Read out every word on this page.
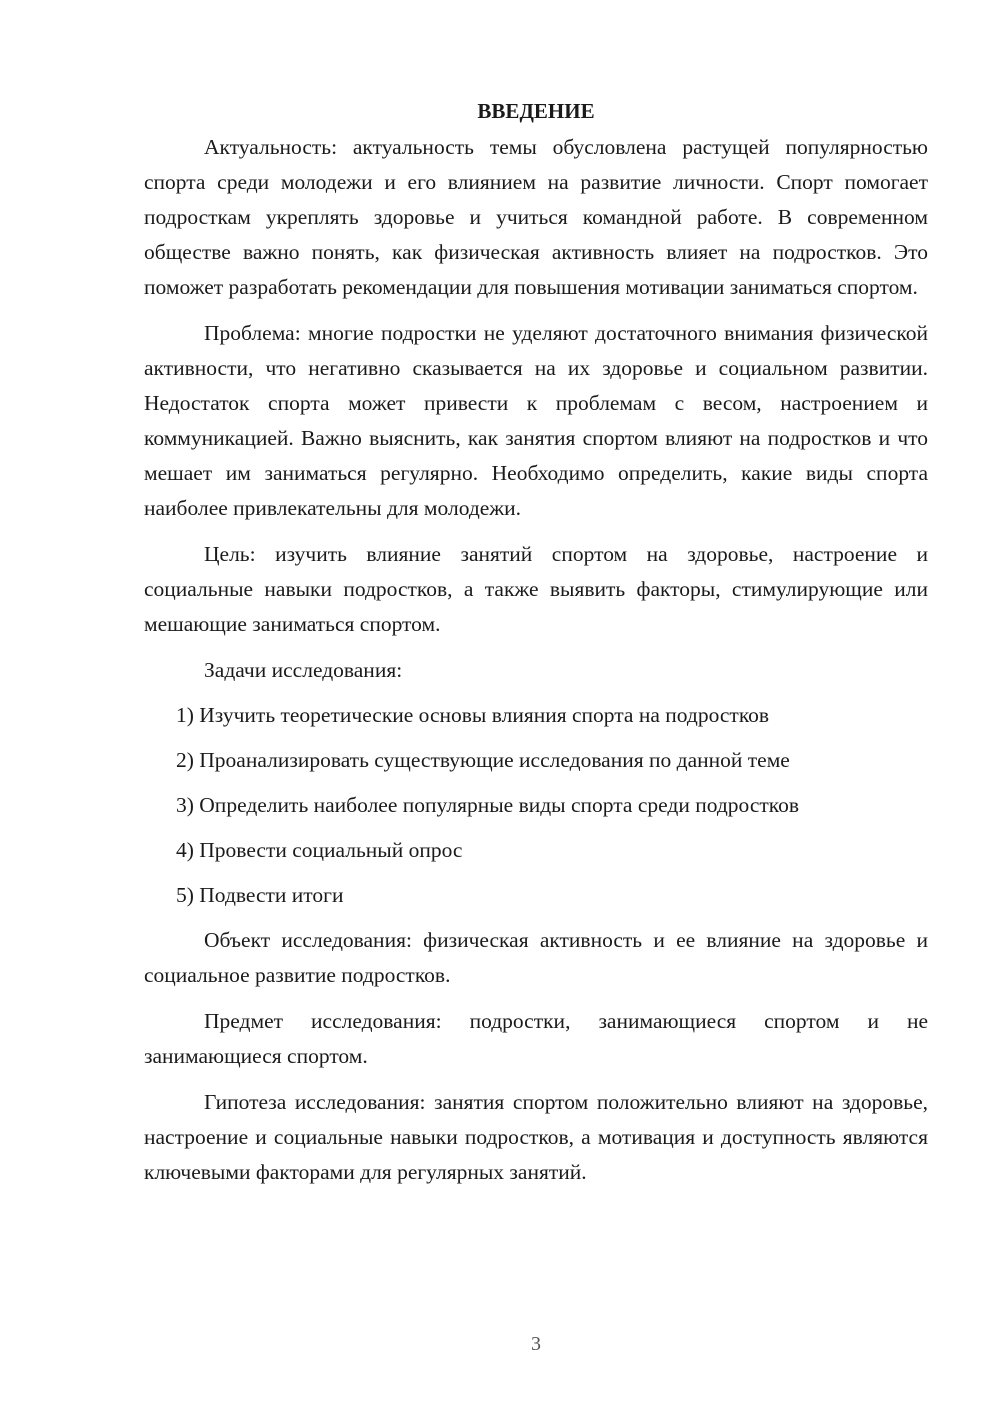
ВВЕДЕНИЕ

Актуальность: актуальность темы обусловлена растущей популярностью спорта среди молодежи и его влиянием на развитие личности. Спорт помогает подросткам укреплять здоровье и учиться командной работе. В современном обществе важно понять, как физическая активность влияет на подростков. Это поможет разработать рекомендации для повышения мотивации заниматься спортом.

Проблема: многие подростки не уделяют достаточного внимания физической активности, что негативно сказывается на их здоровье и социальном развитии. Недостаток спорта может привести к проблемам с весом, настроением и коммуникацией. Важно выяснить, как занятия спортом влияют на подростков и что мешает им заниматься регулярно. Необходимо определить, какие виды спорта наиболее привлекательны для молодежи.

Цель: изучить влияние занятий спортом на здоровье, настроение и социальные навыки подростков, а также выявить факторы, стимулирующие или мешающие заниматься спортом.

Задачи исследования:

1) Изучить теоретические основы влияния спорта на подростков

2) Проанализировать существующие исследования по данной теме

3) Определить наиболее популярные виды спорта среди подростков

4) Провести социальный опрос

5) Подвести итоги

Объект исследования: физическая активность и ее влияние на здоровье и социальное развитие подростков.

Предмет исследования: подростки, занимающиеся спортом и не занимающиеся спортом.

Гипотеза исследования: занятия спортом положительно влияют на здоровье, настроение и социальные навыки подростков, а мотивация и доступность являются ключевыми факторами для регулярных занятий.

3
